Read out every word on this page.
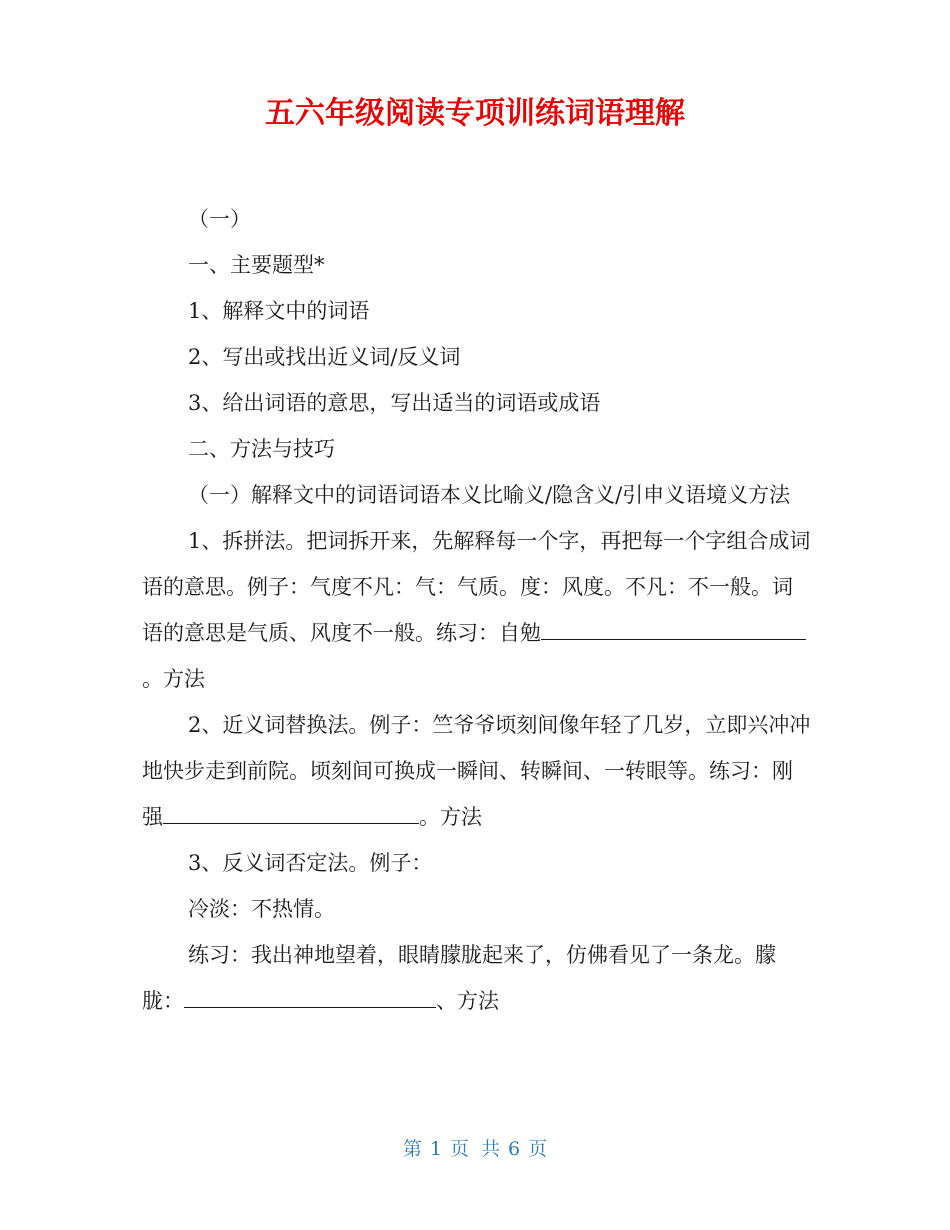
五六年级阅读专项训练词语理解

（一）

一、主要题型*

1、解释文中的词语

2、写出或找出近义词/反义词

3、给出词语的意思，写出适当的词语或成语

二、方法与技巧

（一）解释文中的词语词语本义比喻义/隐含义/引申义语境义方法

1、拆拼法。把词拆开来，先解释每一个字，再把每一个字组合成词语的意思。例子：气度不凡：气：气质。度：风度。不凡：不一般。词语的意思是气质、风度不一般。练习：自勉。方法

2、近义词替换法。例子：竺爷爷顷刻间像年轻了几岁，立即兴冲冲地快步走到前院。顷刻间可换成一瞬间、转瞬间、一转眼等。练习：刚强	。方法

3、反义词否定法。例子：

冷淡：不热情。

练习：我出神地望着，眼睛朦胧起来了，仿佛看见了一条龙。朦胧：	、方法

第 1 页 共 6 页
